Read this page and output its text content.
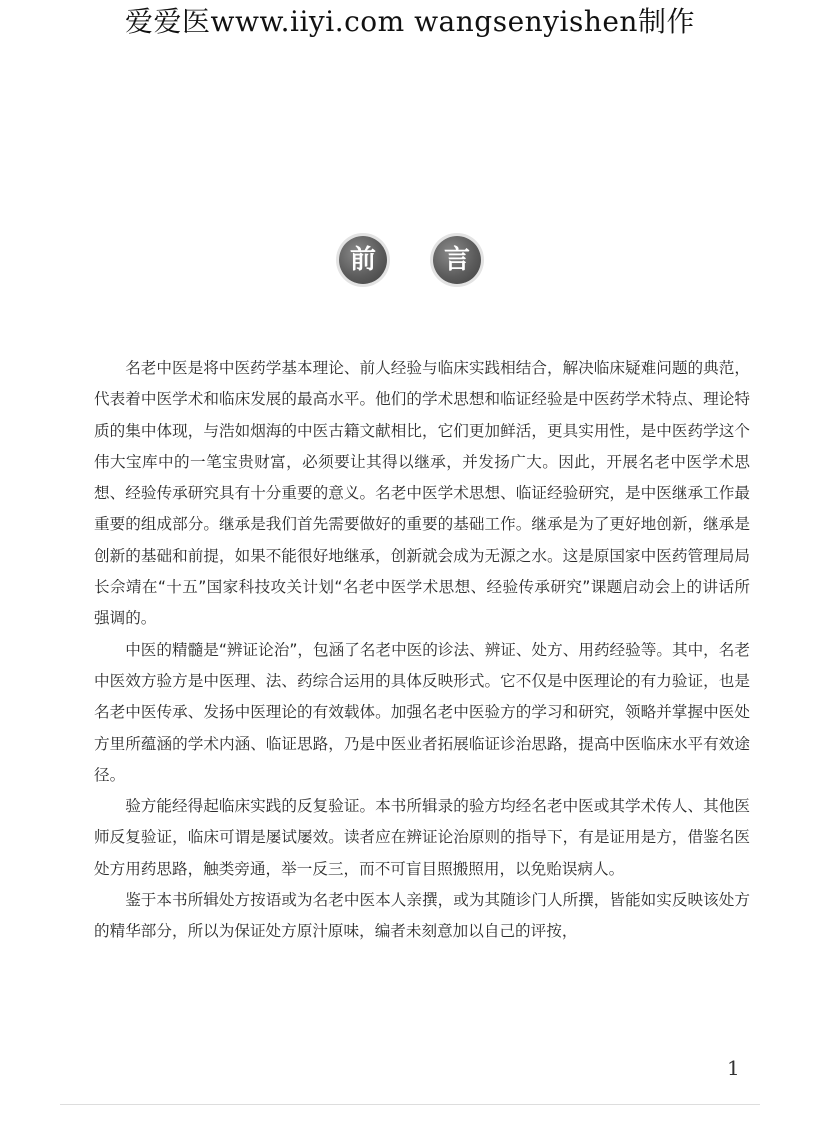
爱爱医www.iiyi.com wangsenyishen制作
前	言

名老中医是将中医药学基本理论、前人经验与临床实践相结合，解决临床疑难问题的典范，代表着中医学术和临床发展的最高水平。他们的学术思想和临证经验是中医药学术特点、理论特质的集中体现，与浩如烟海的中医古籍文献相比，它们更加鲜活，更具实用性，是中医药学这个伟大宝库中的一笔宝贵财富，必须要让其得以继承，并发扬广大。因此，开展名老中医学术思想、经验传承研究具有十分重要的意义。名老中医学术思想、临证经验研究，是中医继承工作最重要的组成部分。继承是我们首先需要做好的重要的基础工作。继承是为了更好地创新，继承是创新的基础和前提，如果不能很好地继承，创新就会成为无源之水。这是原国家中医药管理局局长佘靖在“十五”国家科技攻关计划“名老中医学术思想、经验传承研究”课题启动会上的讲话所强调的。

中医的精髓是“辨证论治”，包涵了名老中医的诊法、辨证、处方、用药经验等。其中，名老中医效方验方是中医理、法、药综合运用的具体反映形式。它不仅是中医理论的有力验证，也是名老中医传承、发扬中医理论的有效载体。加强名老中医验方的学习和研究，领略并掌握中医处方里所蕴涵的学术内涵、临证思路，乃是中医业者拓展临证诊治思路，提高中医临床水平有效途径。

验方能经得起临床实践的反复验证。本书所辑录的验方均经名老中医或其学术传人、其他医师反复验证，临床可谓是屡试屡效。读者应在辨证论治原则的指导下，有是证用是方，借鉴名医处方用药思路，触类旁通，举一反三，而不可盲目照搬照用，以免贻误病人。

鉴于本书所辑处方按语或为名老中医本人亲撰，或为其随诊门人所撰，皆能如实反映该处方的精华部分，所以为保证处方原汁原味，编者未刻意加以自己的评按，

1
